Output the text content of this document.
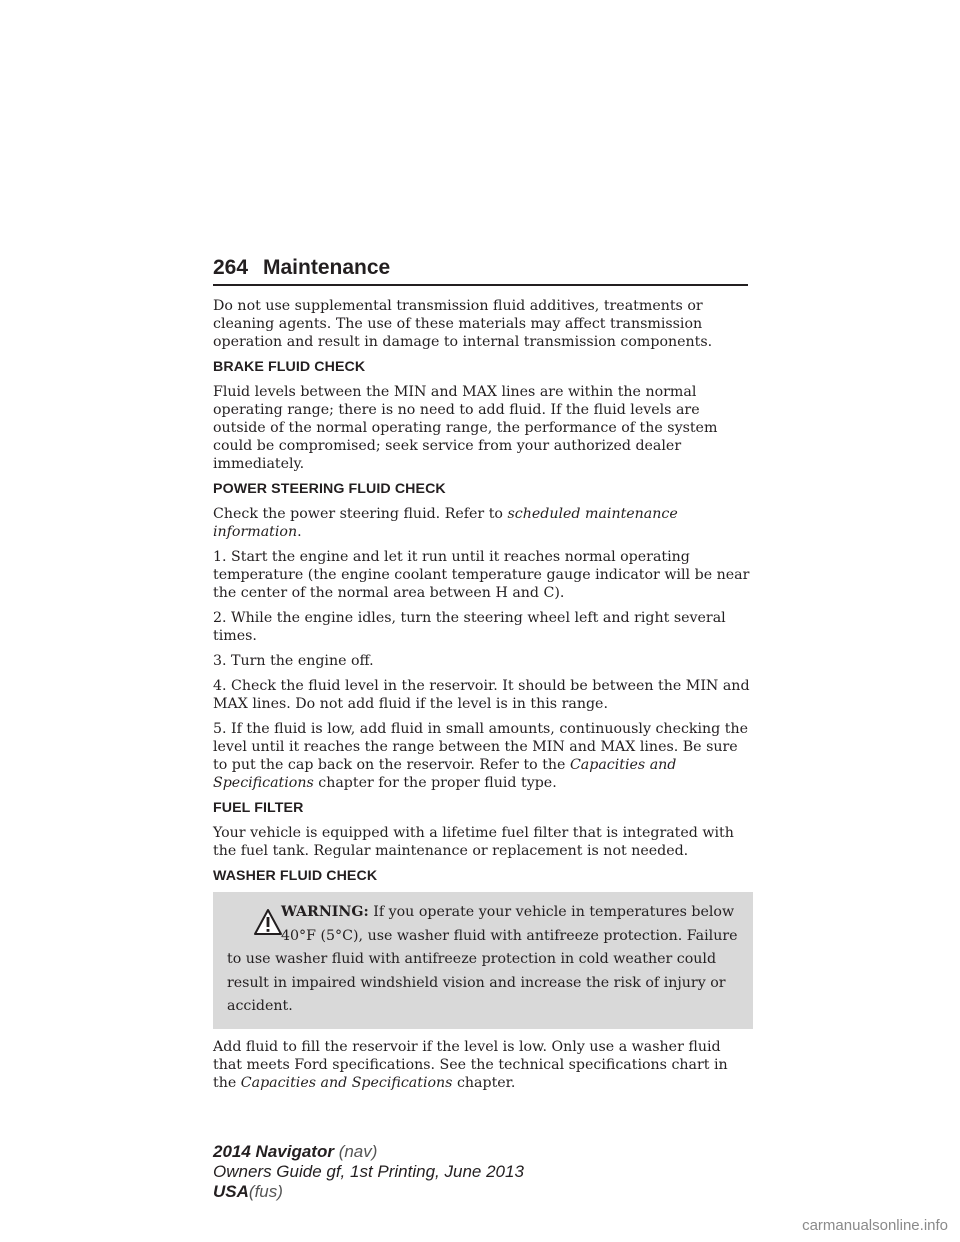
264 Maintenance

Do not use supplemental transmission fluid additives, treatments or cleaning agents. The use of these materials may affect transmission operation and result in damage to internal transmission components.

BRAKE FLUID CHECK

Fluid levels between the MIN and MAX lines are within the normal operating range; there is no need to add fluid. If the fluid levels are outside of the normal operating range, the performance of the system could be compromised; seek service from your authorized dealer immediately.

POWER STEERING FLUID CHECK

Check the power steering fluid. Refer to scheduled maintenance information.

1. Start the engine and let it run until it reaches normal operating temperature (the engine coolant temperature gauge indicator will be near the center of the normal area between H and C).

2. While the engine idles, turn the steering wheel left and right several times.

3. Turn the engine off.

4. Check the fluid level in the reservoir. It should be between the MIN and MAX lines. Do not add fluid if the level is in this range.

5. If the fluid is low, add fluid in small amounts, continuously checking the level until it reaches the range between the MIN and MAX lines. Be sure to put the cap back on the reservoir. Refer to the Capacities and Specifications chapter for the proper fluid type.

FUEL FILTER

Your vehicle is equipped with a lifetime fuel filter that is integrated with the fuel tank. Regular maintenance or replacement is not needed.

WASHER FLUID CHECK
WARNING: If you operate your vehicle in temperatures below
40°F (5°C), use washer fluid with antifreeze protection. Failure
to use washer fluid with antifreeze protection in cold weather could result in impaired windshield vision and increase the risk of injury or accident.

Add fluid to fill the reservoir if the level is low. Only use a washer fluid that meets Ford specifications. See the technical specifications chart in the Capacities and Specifications chapter.

2014 Navigator (nav)
Owners Guide gf, 1st Printing, June 2013
USA(fus)
carmanualsonline.info
